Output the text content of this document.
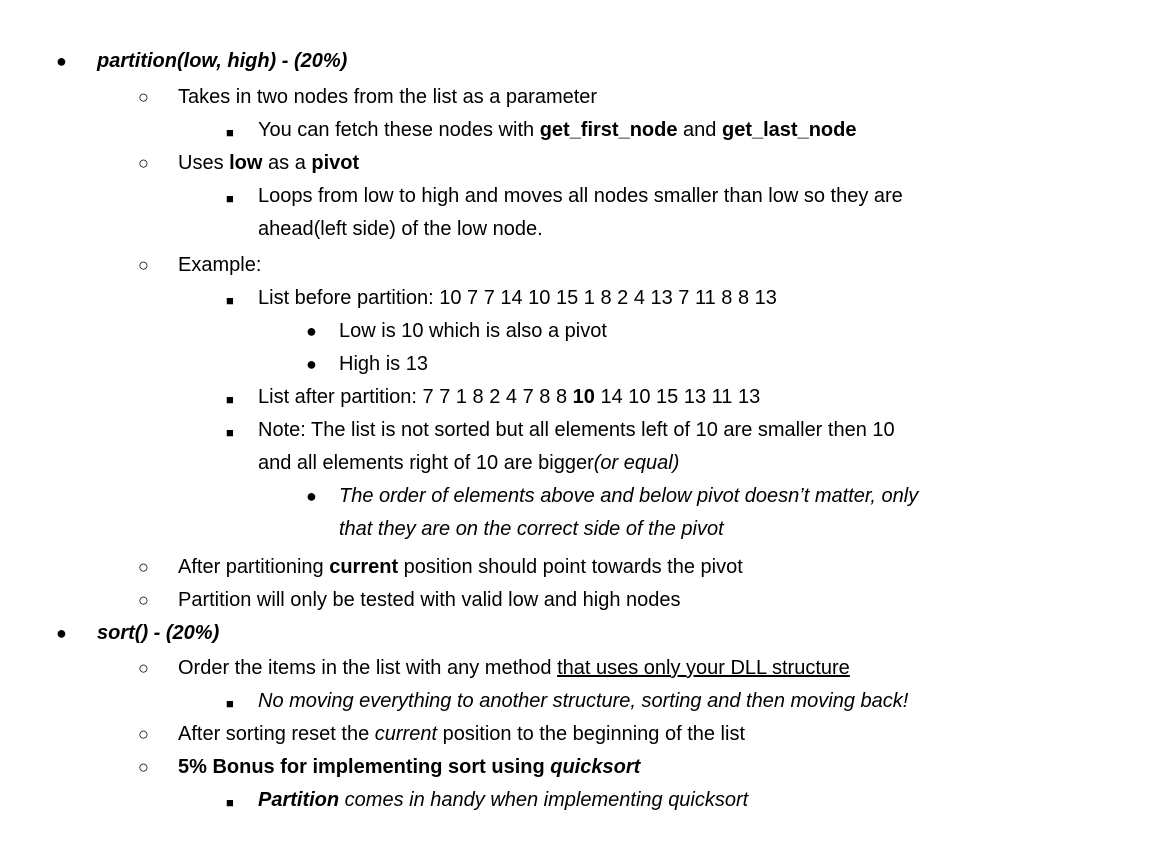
● partition(low, high) - (20%)
○ Takes in two nodes from the list as a parameter
■ You can fetch these nodes with get_first_node and get_last_node
○ Uses low as a pivot
■ Loops from low to high and moves all nodes smaller than low so they are
ahead(left side) of the low node.
○ Example:
■ List before partition: 10 7 7 14 10 15 1 8 2 4 13 7 11 8 8 13
● Low is 10 which is also a pivot
● High is 13
■ List after partition: 7 7 1 8 2 4 7 8 8 10 14 10 15 13 11 13
■ Note: The list is not sorted but all elements left of 10 are smaller then 10
and all elements right of 10 are bigger(or equal)
● The order of elements above and below pivot doesn’t matter, only
that they are on the correct side of the pivot
○ After partitioning current position should point towards the pivot
○ Partition will only be tested with valid low and high nodes
● sort() - (20%)
○ Order the items in the list with any method that uses only your DLL structure
■ No moving everything to another structure, sorting and then moving back!
○ After sorting reset the current position to the beginning of the list
○ 5% Bonus for implementing sort using quicksort
■ Partition comes in handy when implementing quicksort
